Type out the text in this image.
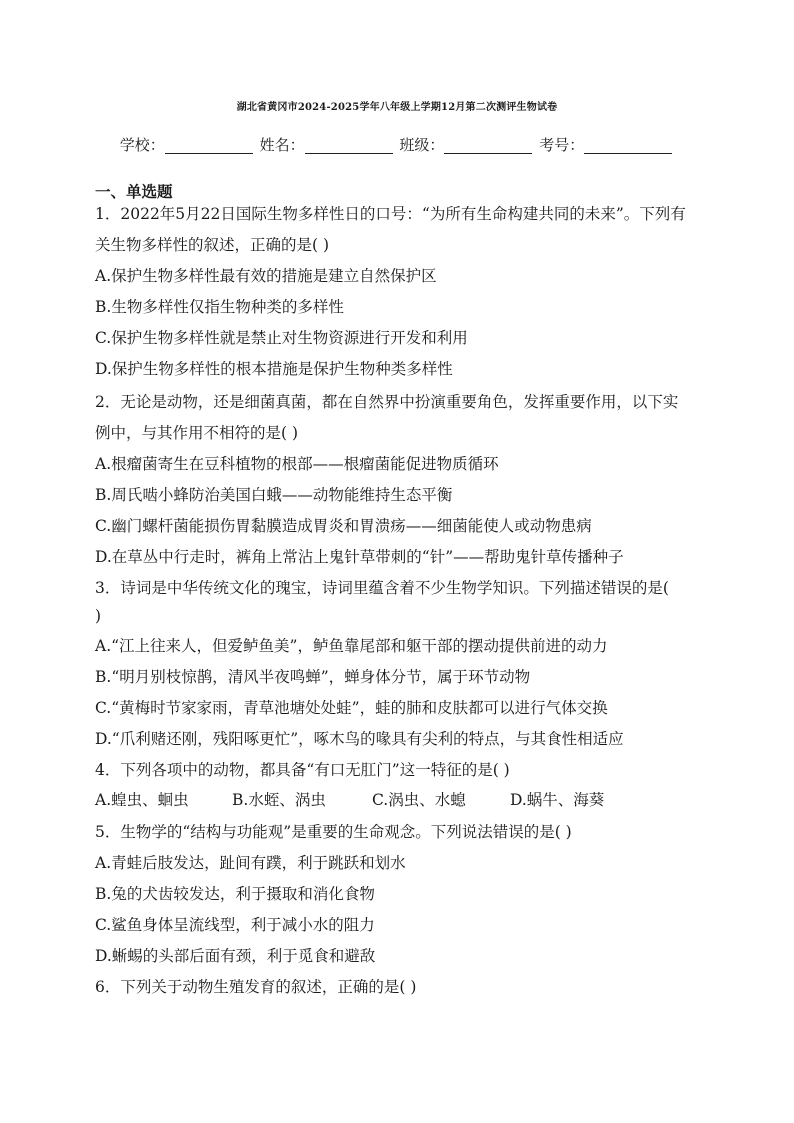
湖北省黄冈市2024-2025学年八年级上学期12月第二次测评生物试卷
学校：	姓名：	班级：	考号：
一、单选题
1．2022年5月22日国际生物多样性日的口号：“为所有生命构建共同的未来”。下列有
关生物多样性的叙述，正确的是( )
A.保护生物多样性最有效的措施是建立自然保护区
B.生物多样性仅指生物种类的多样性
C.保护生物多样性就是禁止对生物资源进行开发和利用
D.保护生物多样性的根本措施是保护生物种类多样性
2．无论是动物，还是细菌真菌，都在自然界中扮演重要角色，发挥重要作用，以下实
例中，与其作用不相符的是( )
A.根瘤菌寄生在豆科植物的根部——根瘤菌能促进物质循环
B.周氏啮小蜂防治美国白蛾——动物能维持生态平衡
C.幽门螺杆菌能损伤胃黏膜造成胃炎和胃溃疡——细菌能使人或动物患病
D.在草丛中行走时，裤角上常沾上鬼针草带刺的“针”——帮助鬼针草传播种子
3．诗词是中华传统文化的瑰宝，诗词里蕴含着不少生物学知识。下列描述错误的是(
)
A.“江上往来人，但爱鲈鱼美”，鲈鱼靠尾部和躯干部的摆动提供前进的动力
B.“明月别枝惊鹊，清风半夜鸣蝉”，蝉身体分节，属于环节动物
C.“黄梅时节家家雨，青草池塘处处蛙”，蛙的肺和皮肤都可以进行气体交换
D.“爪利赌还刚，残阳啄更忙”，啄木鸟的喙具有尖利的特点，与其食性相适应
4．下列各项中的动物，都具备“有口无肛门”这一特征的是( )
A.蝗虫、蛔虫	B.水蛭、涡虫	C.涡虫、水螅	D.蜗牛、海葵
5．生物学的“结构与功能观”是重要的生命观念。下列说法错误的是( )
A.青蛙后肢发达，趾间有蹼，利于跳跃和划水
B.兔的犬齿较发达，利于摄取和消化食物
C.鲨鱼身体呈流线型，利于减小水的阻力
D.蜥蜴的头部后面有颈，利于觅食和避敌
6．下列关于动物生殖发育的叙述，正确的是( )
